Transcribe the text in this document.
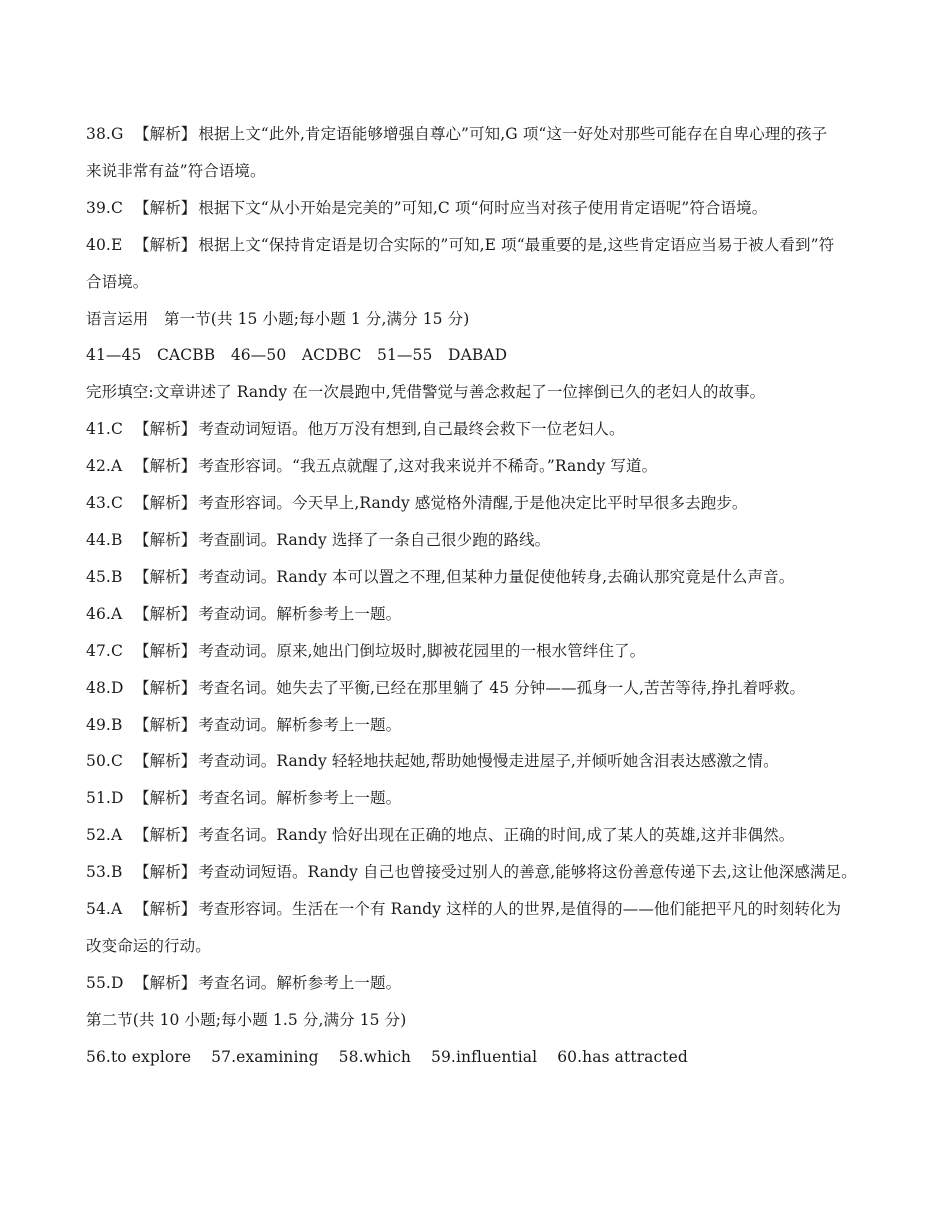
38.G 【解析】 根据上文“此外,肯定语能够增强自尊心”可知,G 项“这一好处对那些可能存在自卑心理的孩子
来说非常有益”符合语境。
39.C 【解析】 根据下文“从小开始是完美的”可知,C 项“何时应当对孩子使用肯定语呢”符合语境。
40.E 【解析】 根据上文“保持肯定语是切合实际的”可知,E 项“最重要的是,这些肯定语应当易于被人看到”符
合语境。
语言运用　第一节(共 15 小题;每小题 1 分,满分 15 分)
41—45　CACBB　46—50　ACDBC　51—55　DABAD
完形填空:文章讲述了 Randy 在一次晨跑中,凭借警觉与善念救起了一位摔倒已久的老妇人的故事。
41.C 【解析】 考查动词短语。他万万没有想到,自己最终会救下一位老妇人。
42.A 【解析】 考查形容词。“我五点就醒了,这对我来说并不稀奇。”Randy 写道。
43.C 【解析】 考查形容词。今天早上,Randy 感觉格外清醒,于是他决定比平时早很多去跑步。
44.B 【解析】 考查副词。Randy 选择了一条自己很少跑的路线。
45.B 【解析】 考查动词。Randy 本可以置之不理,但某种力量促使他转身,去确认那究竟是什么声音。
46.A 【解析】 考查动词。解析参考上一题。
47.C 【解析】 考查动词。原来,她出门倒垃圾时,脚被花园里的一根水管绊住了。
48.D 【解析】 考查名词。她失去了平衡,已经在那里躺了 45 分钟——孤身一人,苦苦等待,挣扎着呼救。
49.B 【解析】 考查动词。解析参考上一题。
50.C 【解析】 考查动词。Randy 轻轻地扶起她,帮助她慢慢走进屋子,并倾听她含泪表达感激之情。
51.D 【解析】 考查名词。解析参考上一题。
52.A 【解析】 考查名词。Randy 恰好出现在正确的地点、正确的时间,成了某人的英雄,这并非偶然。
53.B 【解析】 考查动词短语。Randy 自己也曾接受过别人的善意,能够将这份善意传递下去,这让他深感满足。
54.A 【解析】 考查形容词。生活在一个有 Randy 这样的人的世界,是值得的——他们能把平凡的时刻转化为
改变命运的行动。
55.D 【解析】 考查名词。解析参考上一题。
第二节(共 10 小题;每小题 1.5 分,满分 15 分)
56.to explore 57.examining 58.which 59.influential 60.has attracted
